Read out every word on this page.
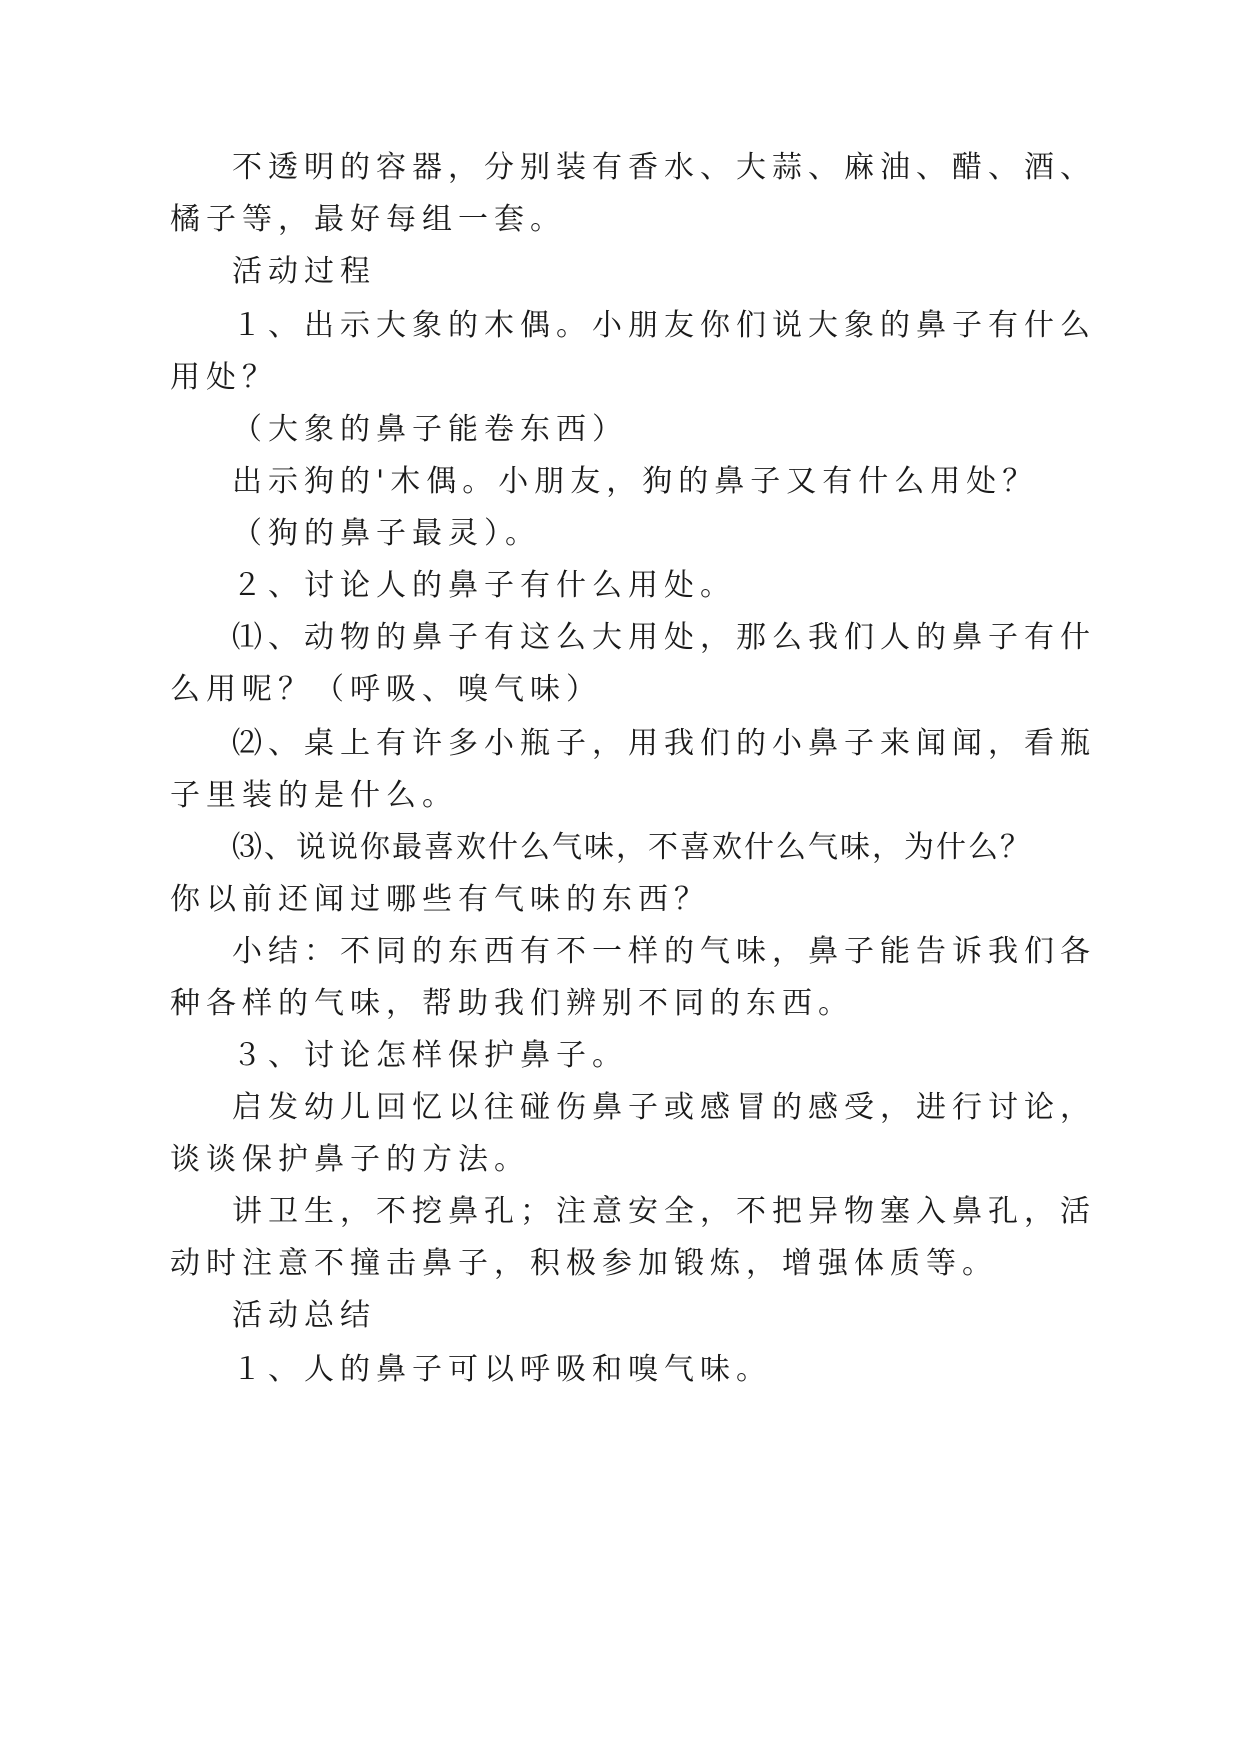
不透明的容器，分别装有香水、大蒜、麻油、醋、酒、
橘子等，最好每组一套。
活动过程
１、出示大象的木偶。小朋友你们说大象的鼻子有什么
用处？
（大象的鼻子能卷东西）
出示狗的'木偶。小朋友，狗的鼻子又有什么用处？
（狗的鼻子最灵）。
２、讨论人的鼻子有什么用处。
⑴、动物的鼻子有这么大用处，那么我们人的鼻子有什
么用呢？（呼吸、嗅气味）
⑵、桌上有许多小瓶子，用我们的小鼻子来闻闻，看瓶
子里装的是什么。
⑶、说说你最喜欢什么气味，不喜欢什么气味，为什么？
你以前还闻过哪些有气味的东西？
小结：不同的东西有不一样的气味，鼻子能告诉我们各
种各样的气味，帮助我们辨别不同的东西。
３、讨论怎样保护鼻子。
启发幼儿回忆以往碰伤鼻子或感冒的感受，进行讨论，
谈谈保护鼻子的方法。
讲卫生，不挖鼻孔；注意安全，不把异物塞入鼻孔，活
动时注意不撞击鼻子，积极参加锻炼，增强体质等。
活动总结
１、人的鼻子可以呼吸和嗅气味。
